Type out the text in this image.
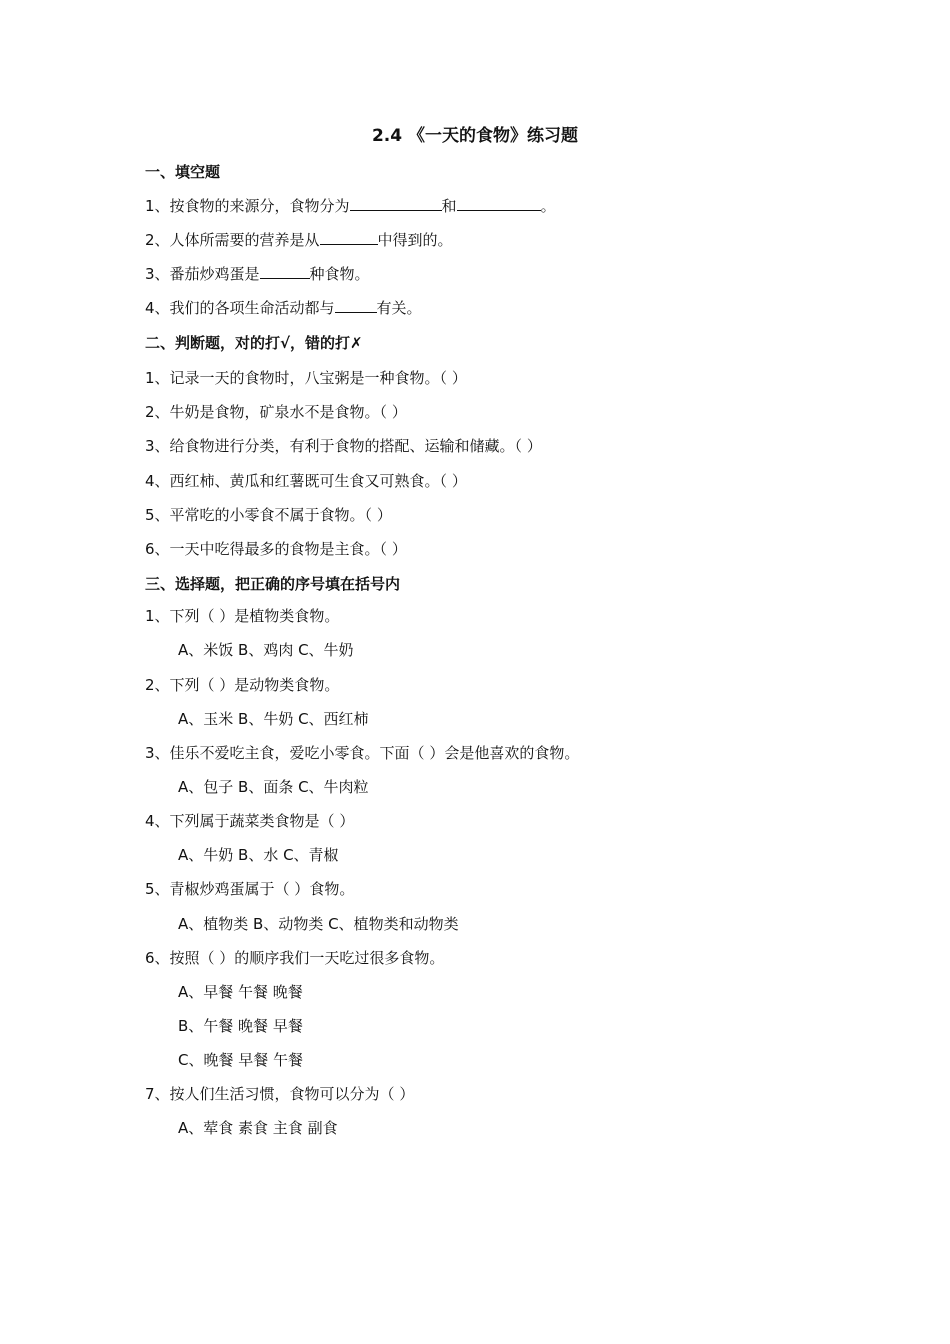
2.4 《一天的食物》练习题
一、填空题
1、按食物的来源分，食物分为	和	。
2、人体所需要的营养是从	中得到的。
3、番茄炒鸡蛋是	种食物。
4、我们的各项生命活动都与	有关。
二、判断题，对的打√，错的打✗
1、记录一天的食物时，八宝粥是一种食物。（ ）
2、牛奶是食物，矿泉水不是食物。（ ）
3、给食物进行分类，有利于食物的搭配、运输和储藏。（ ）
4、西红柿、黄瓜和红薯既可生食又可熟食。（ ）
5、平常吃的小零食不属于食物。（ ）
6、一天中吃得最多的食物是主食。（ ）
三、选择题，把正确的序号填在括号内
1、下列（ ）是植物类食物。
A、米饭 B、鸡肉 C、牛奶
2、下列（ ）是动物类食物。
A、玉米 B、牛奶 C、西红柿
3、佳乐不爱吃主食，爱吃小零食。下面（ ）会是他喜欢的食物。
A、包子 B、面条 C、牛肉粒
4、下列属于蔬菜类食物是（ ）
A、牛奶 B、水 C、青椒
5、青椒炒鸡蛋属于（ ）食物。
A、植物类 B、动物类 C、植物类和动物类
6、按照（ ）的顺序我们一天吃过很多食物。
A、早餐 午餐 晚餐
B、午餐 晚餐 早餐
C、晚餐 早餐 午餐
7、按人们生活习惯，食物可以分为（ ）
A、荤食 素食 主食 副食
